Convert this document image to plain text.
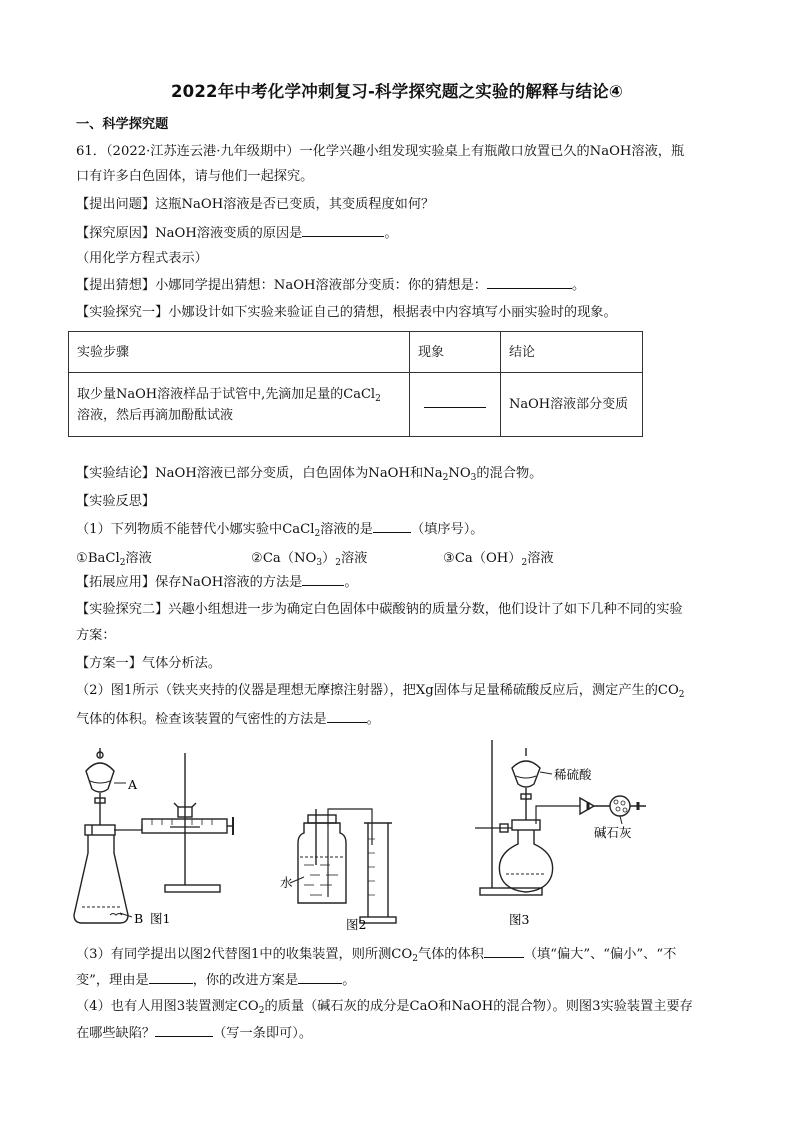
2022年中考化学冲刺复习-科学探究题之实验的解释与结论④
一、科学探究题
61．（2022·江苏连云港·九年级期中）一化学兴趣小组发现实验桌上有瓶敞口放置已久的NaOH溶液，瓶
口有许多白色固体，请与他们一起探究。
【提出问题】这瓶NaOH溶液是否已变质，其变质程度如何？
【探究原因】NaOH溶液变质的原因是	。
（用化学方程式表示）
【提出猜想】小娜同学提出猜想：NaOH溶液部分变质：你的猜想是：	。
【实验探究一】小娜设计如下实验来验证自己的猜想，根据表中内容填写小丽实验时的现象。
实验步骤	现象	结论
取少量NaOH溶液样品于试管中,先滴加足量的CaCl$_2$
溶液，然后再滴加酚酞试液		NaOH溶液部分变质
【实验结论】NaOH溶液已部分变质，白色固体为NaOH和$Na_2NO_3$的混合物。
【实验反思】
（1）下列物质不能替代小娜实验中CaCl$_2$溶液的是	（填序号）。
①BaCl$_2$溶液	$②Ca(NO_3)_2$溶液	$③Ca(OH)_2$溶液
【拓展应用】保存NaOH溶液的方法是	。
【实验探究二】兴趣小组想进一步为确定白色固体中碳酸钠的质量分数，他们设计了如下几种不同的实验
方案：
【方案一】气体分析法。
（2）图1所示（铁夹夹持的仪器是理想无摩擦注射器），把Xg固体与足量稀硫酸反应后，测定产生的$CO_2$
气体的体积。检查该装置的气密性的方法是	。
A
B 图1
水
图2
稀硫酸
碱石灰
图3
（3）有同学提出以图2代替图1中的收集装置，则所测$CO_2$气体的体积	（填“偏大”、“偏小”、“不
变”，理由是	，你的改进方案是	。
（4）也有人用图3装置测定$CO_2$的质量（碱石灰的成分是CaO和NaOH的混合物）。则图3实验装置主要存
在哪些缺陷？	（写一条即可）。
